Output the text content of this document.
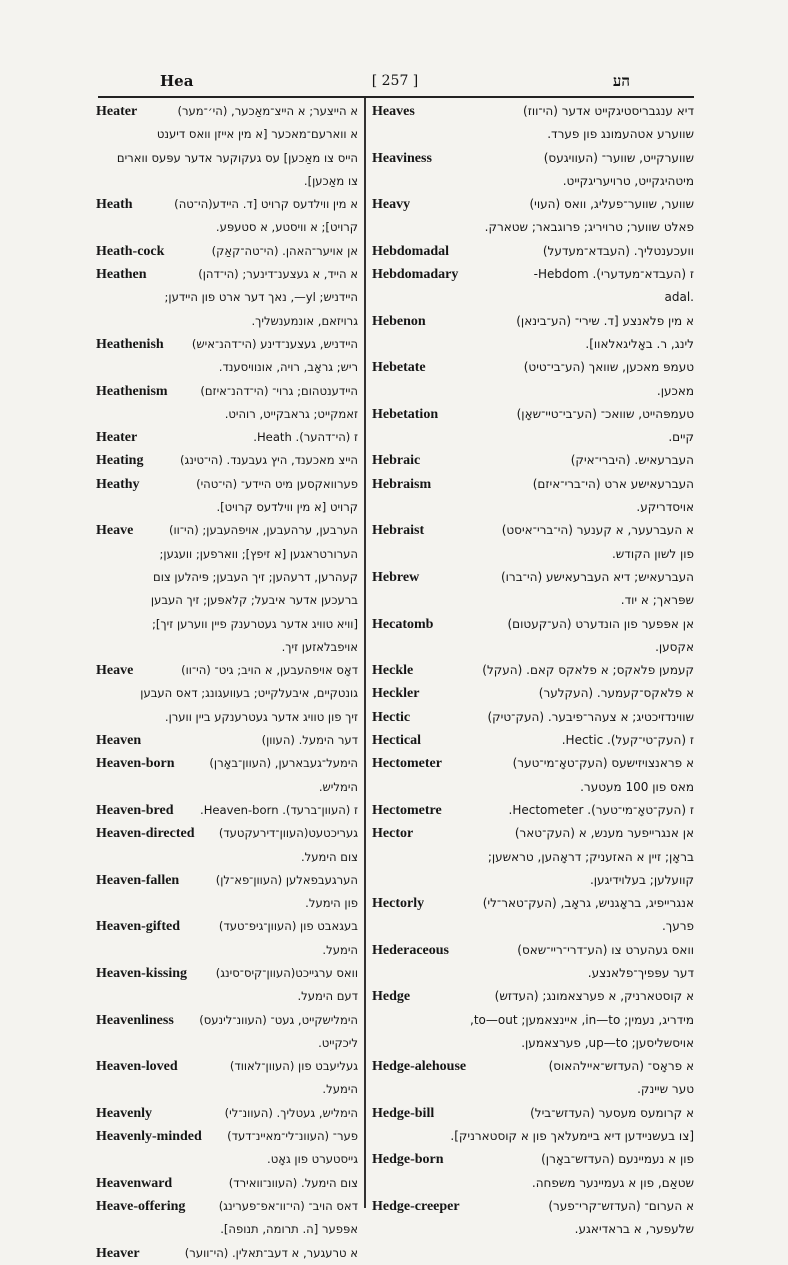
Hea	[ 257 ]	הע
Heater	א הייצער; א הייצ־מאַכער, (הי׳־מער)
א ווארעם־מאכער [א מין אייזן וואס דיענט
הייס צו מאַכען] עס געקוקער אדער עפּעס ווארים
צו מאַכען].
Heath	א מין ווילדעס קרויט [ד. היידע(הי־טה)
קרויט]; א וויסטע, א סטעפּע.
Heath-cock	אן אויער־האהן. (הי־טה־קאַק)
Heathen	א הייד, א געצענ־דינער; (הי־דהן)
היידניש; yl—, נאך דער ארט פון היידען;
גרויזאם, אונמענשליך.
Heathenish	היידניש, געצענ־דינע (הי־דהנ־איש)
ריש; גראָב, רויה, אונוויסענד.
Heathenism	היידענטהום; גרוי־ (הי־דהנ־איזם)
זאמקייט; גראבקייט, רוהיט.
Heater	.Heath .ז (הי־דהער)
Heating	הייצ מאכענד, היץ געבענד. (הי־טינג)
Heathy	פערוואקסען מיט היידע־ (הי־טהי)
קרויט [א מין ווילדעס קרויט].
Heave	הערבען, ערהעבען, אויפהעבען; (הי־וו)
הערורטראגען [א זיפץ]; ווארפען; וועגען;
קעהרען, דרעהען; זיך העבען; פּיהלען צום
ברעכען אדער איבעל; קלאפּען; זיך העבען
[וויא טוויג אדער געטרענק פיין ווערען זיך];
אויפבלאזען זיך.
Heave	דאָס אויפהעבען, א הויב; גיט־ (הי־וו)
גונטקיים, איבעלקייט; בעוועגונג; דאס העבען
זיך פון טוויג אדער געטרענקע ביין ווערן.
Heaven	דער הימעל. (העוון)
Heaven-born	הימעל־געבארען, (העוון־באָרן)
הימליש.
Heaven-bred	.Heaven-born .ז (העוון־ברעד)
Heaven-directed	געריכטעט(העוון־דירעקטעד)
צום הימעל.
Heaven-fallen	הערגעבפאלען (העוון־פא־לן)
פון הימעל.
Heaven-gifted	בעגאבט פון (העוון־גיפ־טעד)
הימעל.
Heaven-kissing	וואס ערגייכט(העוון־קיס־סינג)
דעם הימעל.
Heavenliness	הימלישקייט, געט־ (העוונ־לינעס)
ליכקייט.
Heaven-loved	געליעבט פון (העוון־לאווד)
הימעל.
Heavenly	הימליש, געטליך. (העוונ־לי)
Heavenly-minded	פער־ (העוונ־לי־מאיינ־דעד)
גייסטערט פון גאָט.
Heavenward	צום הימעל. (העוונ־וואירד)
Heave-offering	דאס הויב־ (הי־וו־אפ־פערינג)
אפּפער [ה. תרומה, תנופה].
Heaver	א טרעגער, א דעב־תאלין. (הי־ווער)
Heaves	דיא ענגבריסטיגקייט אדער (הי־ווז)
שווערע אטהעמונג פון פערד.
Heaviness	שווערקייט, שווער־ (העוויגעס)
מיטהיגקייט, טרויעריגקייט.
Heavy	שווער, שווער־פעליג, וואס (העוי)
פאלט שווער; טרויריג; פרוגבאר; שטארק.
Hebdomadal	וועכענטליך. (העבדא־מעדעל)
Hebdomadary	-Hebdom .ז (העבדא־מעדערי)
adal.
Hebenon	א מין פלאנצע [ד. שירי־ (הע־בינאן)
לינג, ר. באָליגאלאוו].
Hebetate	טעמפּ מאכען, שוואך (הע־בי־טיט)
מאכען.
Hebetation	טעמפּהייט, שוואכ־ (הע־בי־טיי־שאָן)
קיים.
Hebraic	העברעאיש. (היברי־איק)
Hebraism	העברעאישע ארט (הי־ברי־איזם)
אויסדריקע.
Hebraist	א העברעער, א קענער (הי־ברי־איסט)
פון לשון הקודש.
Hebrew	העברעאיש; דיא העברעאישע (הי־ברו)
שפּראך; א יוד.
Hecatomb	אן אפּפער פון הונדערט (הע־קעטום)
אקסען.
Heckle	קעמען פלאקס; א פלאקס קאם. (העקל)
Heckler	א פלאקס־קעמער. (העקלער)
Hectic	שווינדזיכטיג; א צעהר־פיבער. (העק־טיק)
Hectical	.Hectic .ז (העק־טי־קעל)
Hectometer	א פראנצויזישעס (העק־טאָ־מי־טער)
מאס פון 100 מעטער.
Hectometre	.Hectometer .ז (העק־טאָ־מי־טער)
Hector	אן אנגרייפער מענש, א (העק־טאר)
בראָן; זיין א האזעניק; דראָהען, טראשען;
קוועלען; בעלוידיגען.
Hectorly	אנגרייפיג, בראָגניש, גראָב, (העק־טאר־לי)
פרעך.
Hederaceous	וואס געהערט צו (הע־דרי־ריי־שאס)
דער עפּפיך־פלאנצע.
Hedge	א קוסטארניק, א פערצאמונג; (העדזש)
מידריג, נעמין; in—to, איינצאמען; to—out,
אויסשליסען; up—to, פערצאמען.
Hedge-alehouse	א פראָס־ (העדזש־איילהאוס)
טער שיינק.
Hedge-bill	א קרומעס מעסער (העדזש־ביל)
[צו בעשניידען דיא ביימעלאך פון א קוסטארניק].
Hedge-born	פון א נעמיינעם (העדזש־באָרן)
שטאַם, פון א געמיינער משפחה.
Hedge-creeper	א הערום־ (העדזש־קרי־פער)
שלעפער, א בראדיאגע.
